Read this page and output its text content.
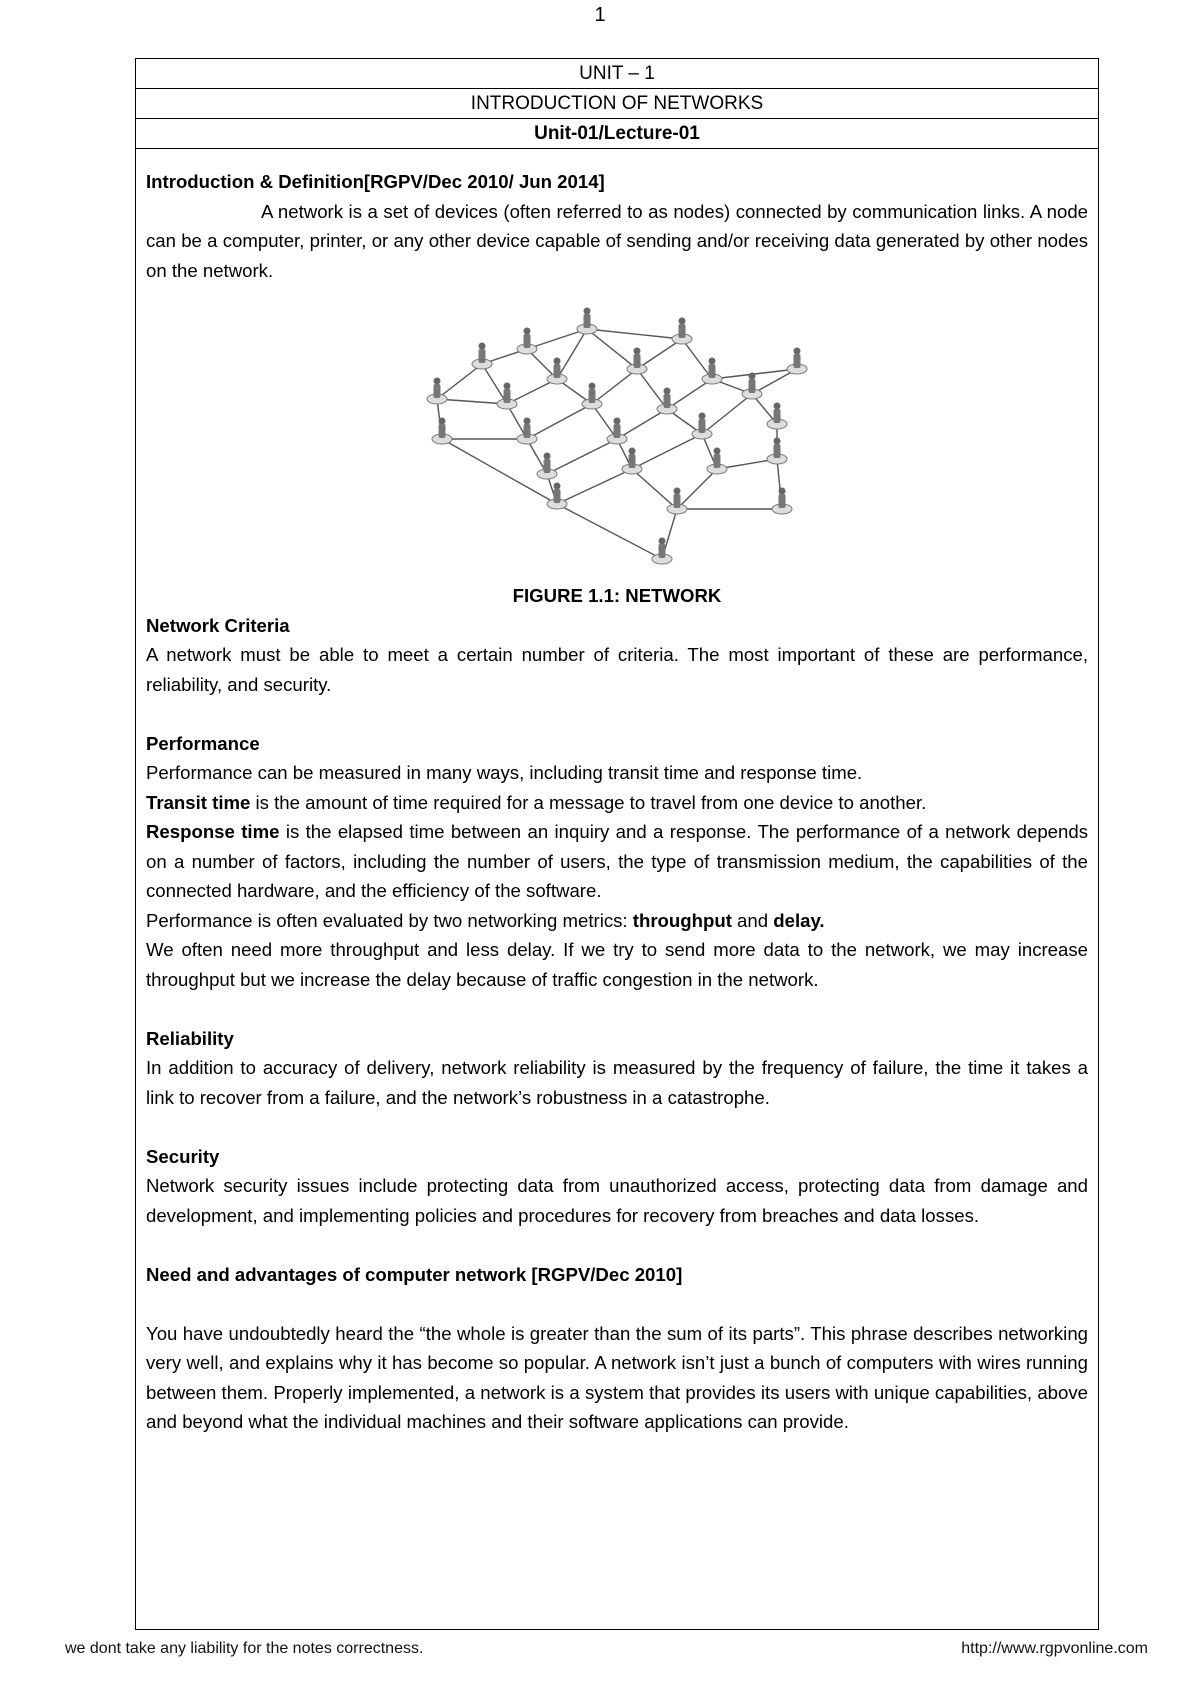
1
UNIT – 1
INTRODUCTION OF NETWORKS
Unit-01/Lecture-01

Introduction & Definition[RGPV/Dec 2010/ Jun 2014]

A network is a set of devices (often referred to as nodes) connected by communication links. A node can be a computer, printer, or any other device capable of sending and/or receiving data generated by other nodes on the network.

FIGURE 1.1: NETWORK

Network Criteria

A network must be able to meet a certain number of criteria. The most important of these are performance, reliability, and security.

Performance

Performance can be measured in many ways, including transit time and response time.

Transit time is the amount of time required for a message to travel from one device to another.

Response time is the elapsed time between an inquiry and a response. The performance of a network depends on a number of factors, including the number of users, the type of transmission medium, the capabilities of the connected hardware, and the efficiency of the software.

Performance is often evaluated by two networking metrics: throughput and delay.

We often need more throughput and less delay. If we try to send more data to the network, we may increase throughput but we increase the delay because of traffic congestion in the network.

Reliability

In addition to accuracy of delivery, network reliability is measured by the frequency of failure, the time it takes a link to recover from a failure, and the network’s robustness in a catastrophe.

Security

Network security issues include protecting data from unauthorized access, protecting data from damage and development, and implementing policies and procedures for recovery from breaches and data losses.

Need and advantages of computer network [RGPV/Dec 2010]

You have undoubtedly heard the “the whole is greater than the sum of its parts”. This phrase describes networking very well, and explains why it has become so popular. A network isn’t just a bunch of computers with wires running between them. Properly implemented, a network is a system that provides its users with unique capabilities, above and beyond what the individual machines and their software applications can provide.

we dont take any liability for the notes correctness.	http://www.rgpvonline.com
